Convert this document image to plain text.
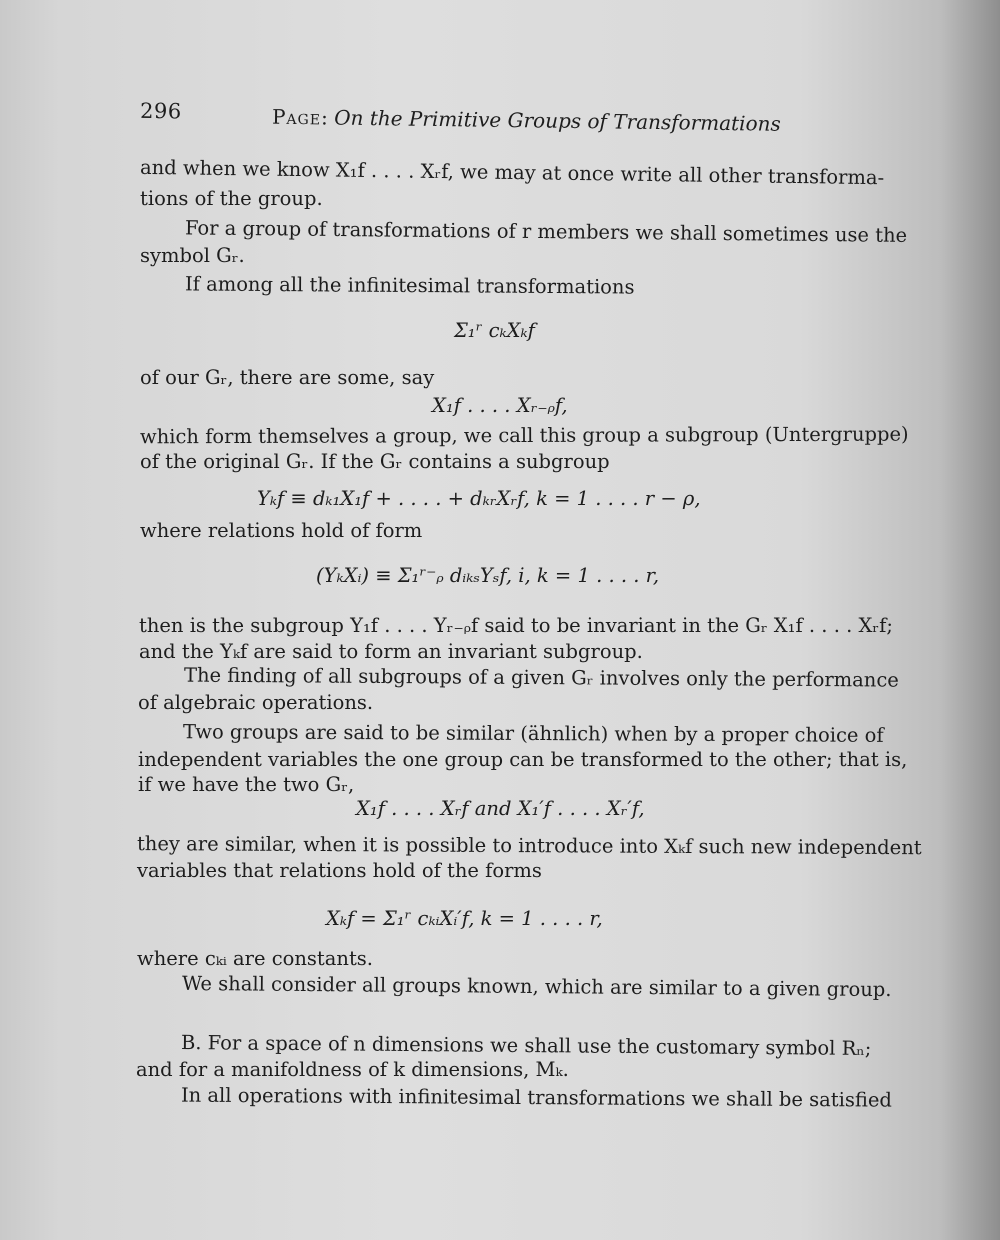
296	Page: On the Primitive Groups of Transformations
and when we know X₁f . . . . Xᵣf, we may at once write all other transforma-
tions of the group.
For a group of transformations of r members we shall sometimes use the
symbol Gᵣ.
If among all the infinitesimal transformations
Σ₁ʳ cₖXₖf
of our Gᵣ, there are some, say
X₁f . . . . Xᵣ₋ᵨf,
which form themselves a group, we call this group a subgroup (Untergruppe)
of the original Gᵣ. If the Gᵣ contains a subgroup
Yₖf ≡ dₖ₁X₁f + . . . . + dₖᵣXᵣf, k = 1 . . . . r − ρ,
where relations hold of form
(YₖXᵢ) ≡ Σ₁ʳ⁻ᵨ dᵢₖₛYₛf, i, k = 1 . . . . r,
then is the subgroup Y₁f . . . . Yᵣ₋ᵨf said to be invariant in the Gᵣ X₁f . . . . Xᵣf;
and the Yₖf are said to form an invariant subgroup.
The finding of all subgroups of a given Gᵣ involves only the performance
of algebraic operations.
Two groups are said to be similar (ähnlich) when by a proper choice of
independent variables the one group can be transformed to the other; that is,
if we have the two Gᵣ,
X₁f . . . . Xᵣf and X₁′f . . . . Xᵣ′f,
they are similar, when it is possible to introduce into Xₖf such new independent
variables that relations hold of the forms
Xₖf = Σ₁ʳ cₖᵢXᵢ′f, k = 1 . . . . r,
where cₖᵢ are constants.
We shall consider all groups known, which are similar to a given group.
B. For a space of n dimensions we shall use the customary symbol Rₙ;
and for a manifoldness of k dimensions, Mₖ.
In all operations with infinitesimal transformations we shall be satisfied
